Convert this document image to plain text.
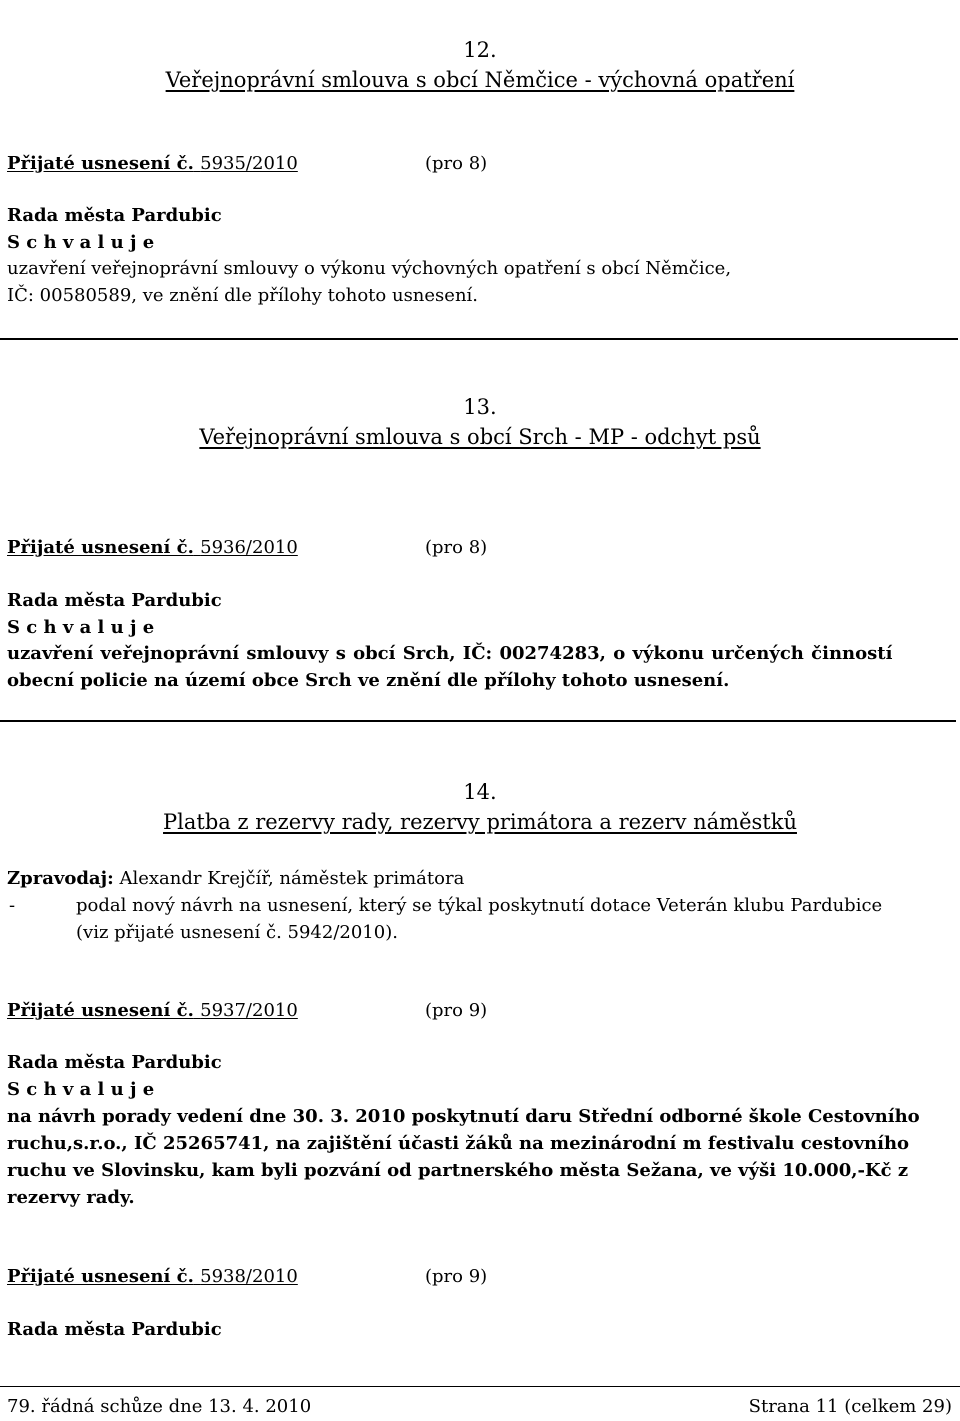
12.
Veřejnoprávní smlouva s obcí Němčice - výchovná opatření
Přijaté usnesení č. 5935/2010	(pro 8)
Rada města Pardubic
S c h v a l u j e
uzavření veřejnoprávní smlouvy o výkonu výchovných opatření s obcí Němčice,
IČ: 00580589, ve znění dle přílohy tohoto usnesení.
13.
Veřejnoprávní smlouva s obcí Srch - MP - odchyt psů
Přijaté usnesení č. 5936/2010	(pro 8)
Rada města Pardubic
S c h v a l u j e
uzavření veřejnoprávní smlouvy s obcí Srch, IČ: 00274283, o výkonu určených činností
obecní policie na území obce Srch ve znění dle přílohy tohoto usnesení.
14.
Platba z rezervy rady, rezervy primátora a rezerv náměstků
Zpravodaj: Alexandr Krejčíř, náměstek primátora
-	podal nový návrh na usnesení, který se týkal poskytnutí dotace Veterán klubu Pardubice
(viz přijaté usnesení č. 5942/2010).
Přijaté usnesení č. 5937/2010	(pro 9)
Rada města Pardubic
S c h v a l u j e
na návrh porady vedení dne 30. 3. 2010 poskytnutí daru Střední odborné škole Cestovního
ruchu,s.r.o., IČ 25265741, na zajištění účasti žáků na mezinárodní m festivalu cestovního
ruchu ve Slovinsku, kam byli pozvání od partnerského města Sežana, ve výši 10.000,-Kč z
rezervy rady.
Přijaté usnesení č. 5938/2010	(pro 9)
Rada města Pardubic
79. řádná schůze dne 13. 4. 2010	Strana 11 (celkem 29)
